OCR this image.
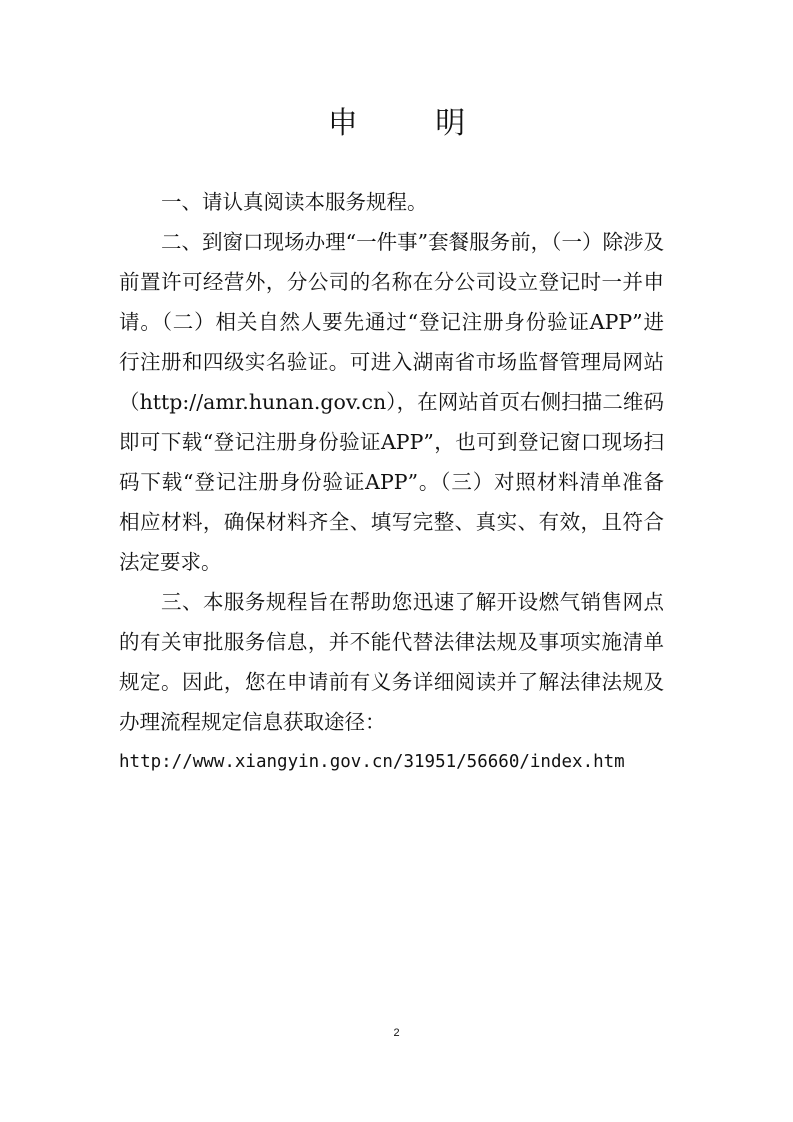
申 明

一、请认真阅读本服务规程。

二、到窗口现场办理“一件事”套餐服务前，（一）除涉及前置许可经营外，分公司的名称在分公司设立登记时一并申请。（二）相关自然人要先通过“登记注册身份验证APP”进行注册和四级实名验证。可进入湖南省市场监督管理局网站（http://amr.hunan.gov.cn），在网站首页右侧扫描二维码即可下载“登记注册身份验证APP”，也可到登记窗口现场扫码下载“登记注册身份验证APP”。（三）对照材料清单准备相应材料，确保材料齐全、填写完整、真实、有效，且符合法定要求。

三、本服务规程旨在帮助您迅速了解开设燃气销售网点的有关审批服务信息，并不能代替法律法规及事项实施清单规定。因此，您在申请前有义务详细阅读并了解法律法规及办理流程规定信息获取途径：

http://www.xiangyin.gov.cn/31951/56660/index.htm

2
